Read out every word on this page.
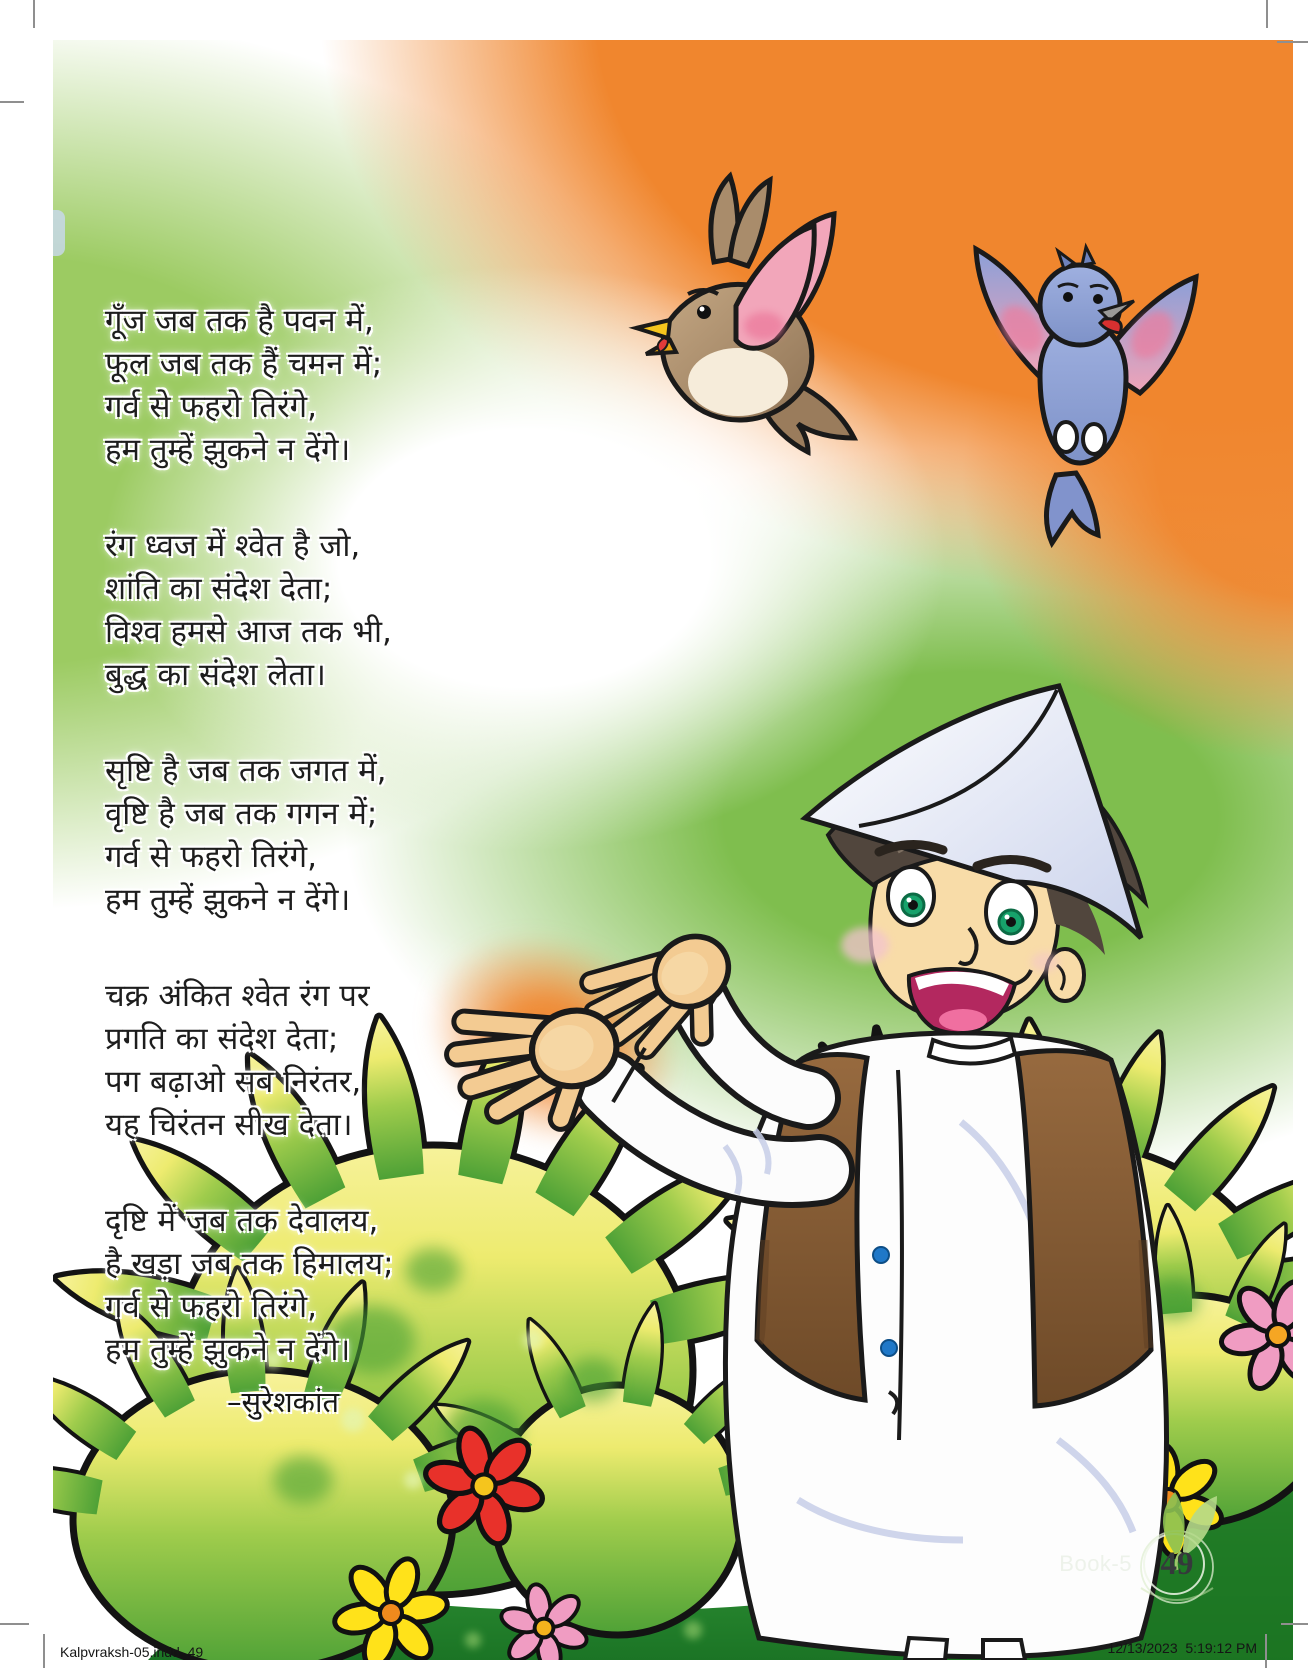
गूँज जब तक है पवन में,
फूल जब तक हैं चमन में;
गर्व से फहरो तिरंगे,
हम तुम्हें झुकने न देंगे।
रंग ध्वज में श्वेत है जो,
शांति का संदेश देता;
विश्व हमसे आज तक भी,
बुद्ध का संदेश लेता।
सृष्टि है जब तक जगत में,
वृष्टि है जब तक गगन में;
गर्व से फहरो तिरंगे,
हम तुम्हें झुकने न देंगे।
चक्र अंकित श्वेत रंग पर
प्रगति का संदेश देता;
पग बढ़ाओ सब निरंतर,
यह चिरंतन सीख देता।
दृष्टि में जब तक देवालय,
है खड़ा जब तक हिमालय;
गर्व से फहरो तिरंगे,
हम तुम्हें झुकने न देंगे।
–सुरेशकांत
Book-5 49
Kalpvraksh-05.indd  49	12/13/2023  5:19:12 PM
